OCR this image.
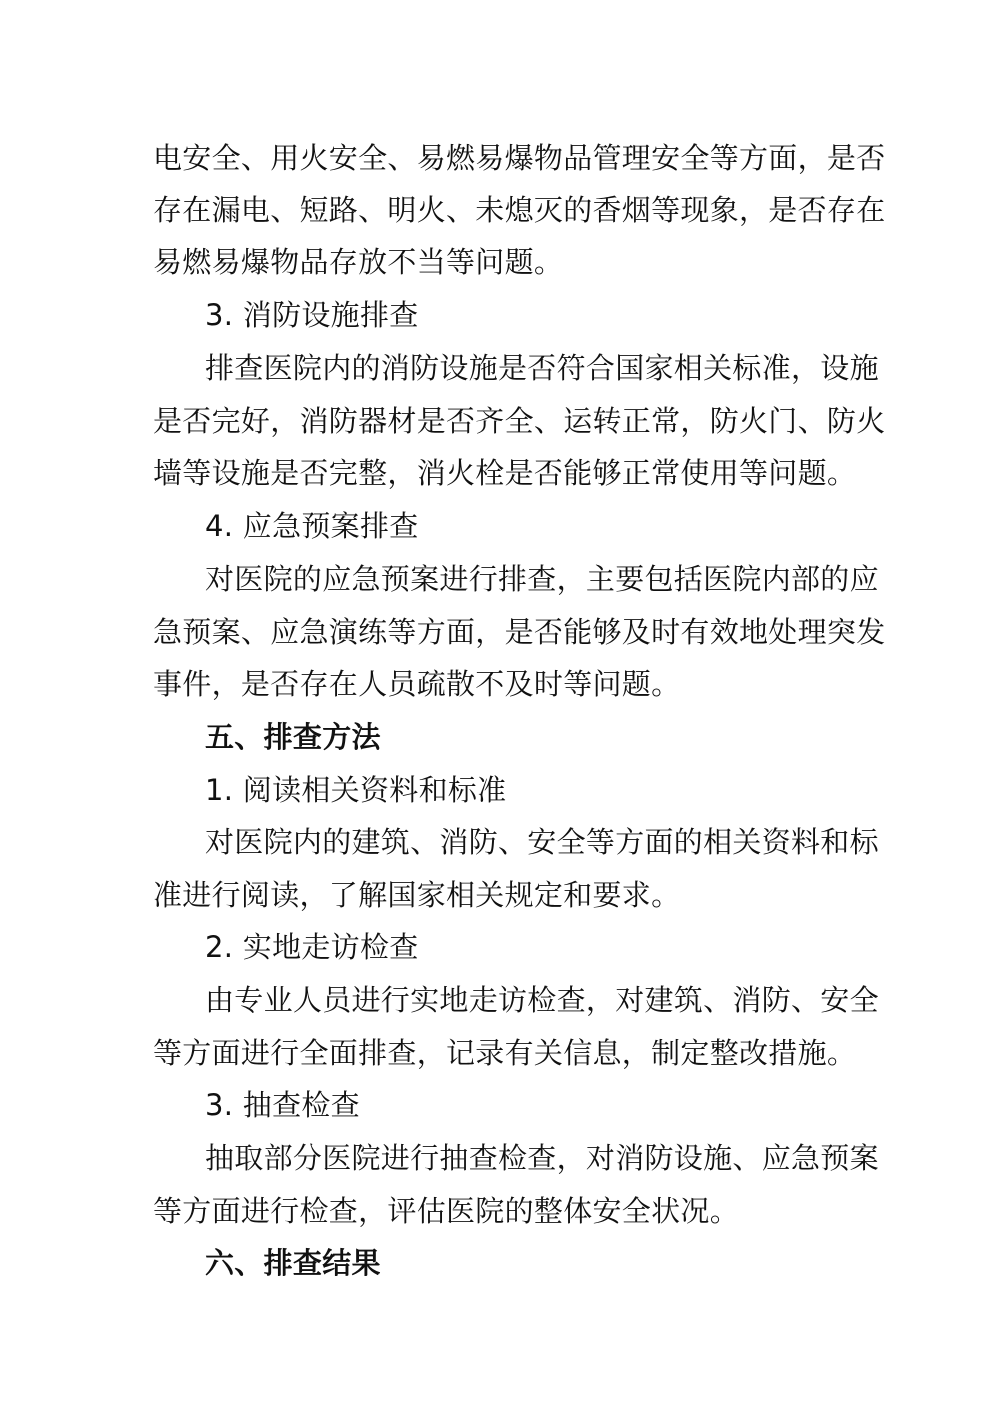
电安全、用火安全、易燃易爆物品管理安全等方面，是否
存在漏电、短路、明火、未熄灭的香烟等现象，是否存在
易燃易爆物品存放不当等问题。
3. 消防设施排查
排查医院内的消防设施是否符合国家相关标准，设施
是否完好，消防器材是否齐全、运转正常，防火门、防火
墙等设施是否完整，消火栓是否能够正常使用等问题。
4. 应急预案排查
对医院的应急预案进行排查，主要包括医院内部的应
急预案、应急演练等方面，是否能够及时有效地处理突发
事件，是否存在人员疏散不及时等问题。
五、排查方法
1. 阅读相关资料和标准
对医院内的建筑、消防、安全等方面的相关资料和标
准进行阅读，了解国家相关规定和要求。
2. 实地走访检查
由专业人员进行实地走访检查，对建筑、消防、安全
等方面进行全面排查，记录有关信息，制定整改措施。
3. 抽查检查
抽取部分医院进行抽查检查，对消防设施、应急预案
等方面进行检查，评估医院的整体安全状况。
六、排查结果
